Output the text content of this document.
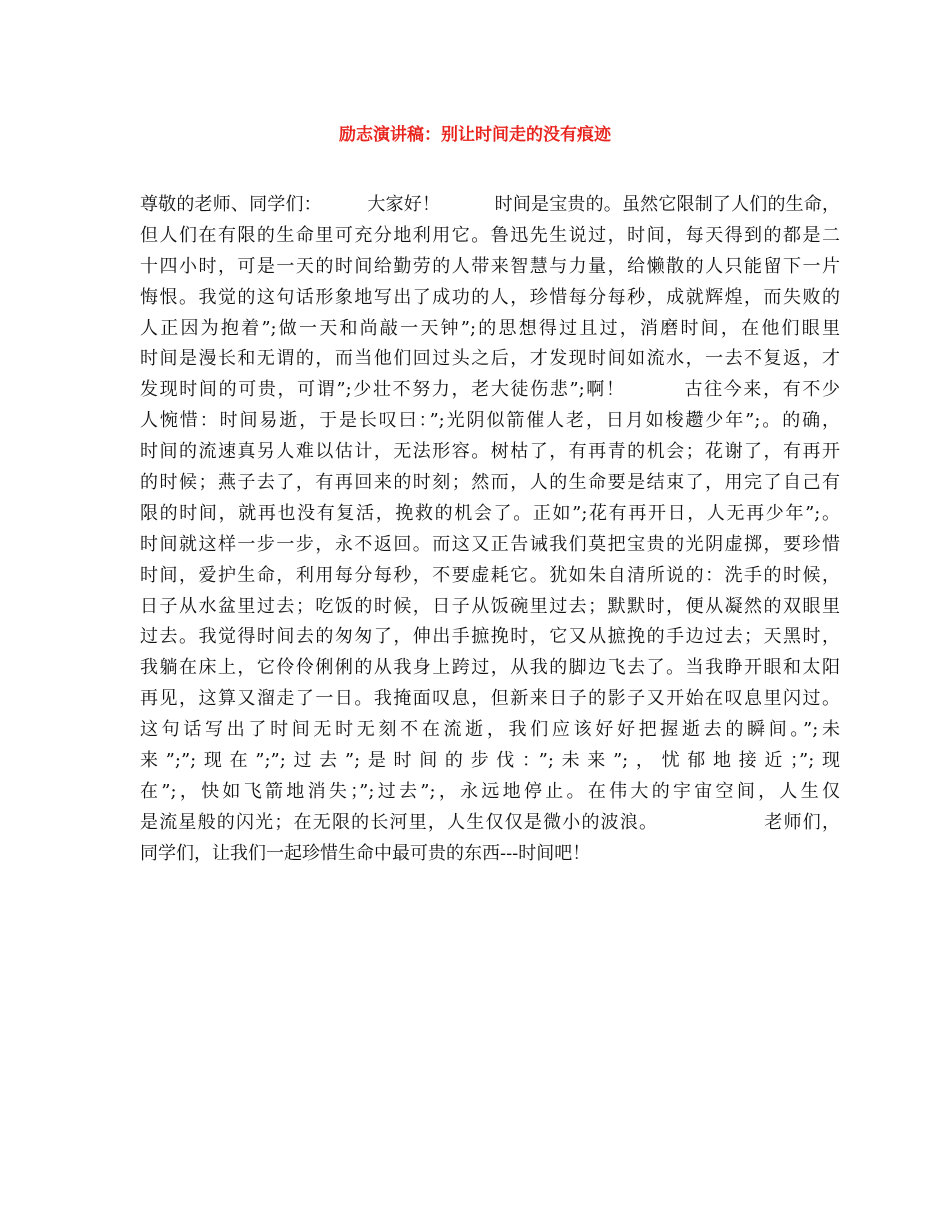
励志演讲稿：别让时间走的没有痕迹
尊敬的老师、同学们：　　　大家好！　　　时间是宝贵的。虽然它限制了人们的生命，
但人们在有限的生命里可充分地利用它。鲁迅先生说过，时间，每天得到的都是二
十四小时，可是一天的时间给勤劳的人带来智慧与力量，给懒散的人只能留下一片
悔恨。我觉的这句话形象地写出了成功的人，珍惜每分每秒，成就辉煌，而失败的
人正因为抱着”;做一天和尚敲一天钟”;的思想得过且过，消磨时间，在他们眼里
时间是漫长和无谓的，而当他们回过头之后，才发现时间如流水，一去不复返，才
发现时间的可贵，可谓”;少壮不努力，老大徒伤悲”;啊！　　　古往今来，有不少
人惋惜：时间易逝，于是长叹曰：”;光阴似箭催人老，日月如梭趱少年”;。的确，
时间的流速真另人难以估计，无法形容。树枯了，有再青的机会；花谢了，有再开
的时候；燕子去了，有再回来的时刻；然而，人的生命要是结束了，用完了自己有
限的时间，就再也没有复活，挽救的机会了。正如”;花有再开日，人无再少年”;。
时间就这样一步一步，永不返回。而这又正告诫我们莫把宝贵的光阴虚掷，要珍惜
时间，爱护生命，利用每分每秒，不要虚耗它。犹如朱自清所说的：洗手的时候，
日子从水盆里过去；吃饭的时候，日子从饭碗里过去；默默时，便从凝然的双眼里
过去。我觉得时间去的匆匆了，伸出手摭挽时，它又从摭挽的手边过去；天黑时，
我躺在床上，它伶伶俐俐的从我身上跨过，从我的脚边飞去了。当我睁开眼和太阳
再见，这算又溜走了一日。我掩面叹息，但新来日子的影子又开始在叹息里闪过。
这句话写出了时间无时无刻不在流逝，我们应该好好把握逝去的瞬间。”;未
来”;”;现在”;”;过去”;是时间的步伐：”;未来”;，忧郁地接近；”;现
在”;，快如飞箭地消失；”;过去”;，永远地停止。在伟大的宇宙空间，人生仅
是流星般的闪光；在无限的长河里，人生仅仅是微小的波浪。　　　　　　老师们，
同学们，让我们一起珍惜生命中最可贵的东西---时间吧！
